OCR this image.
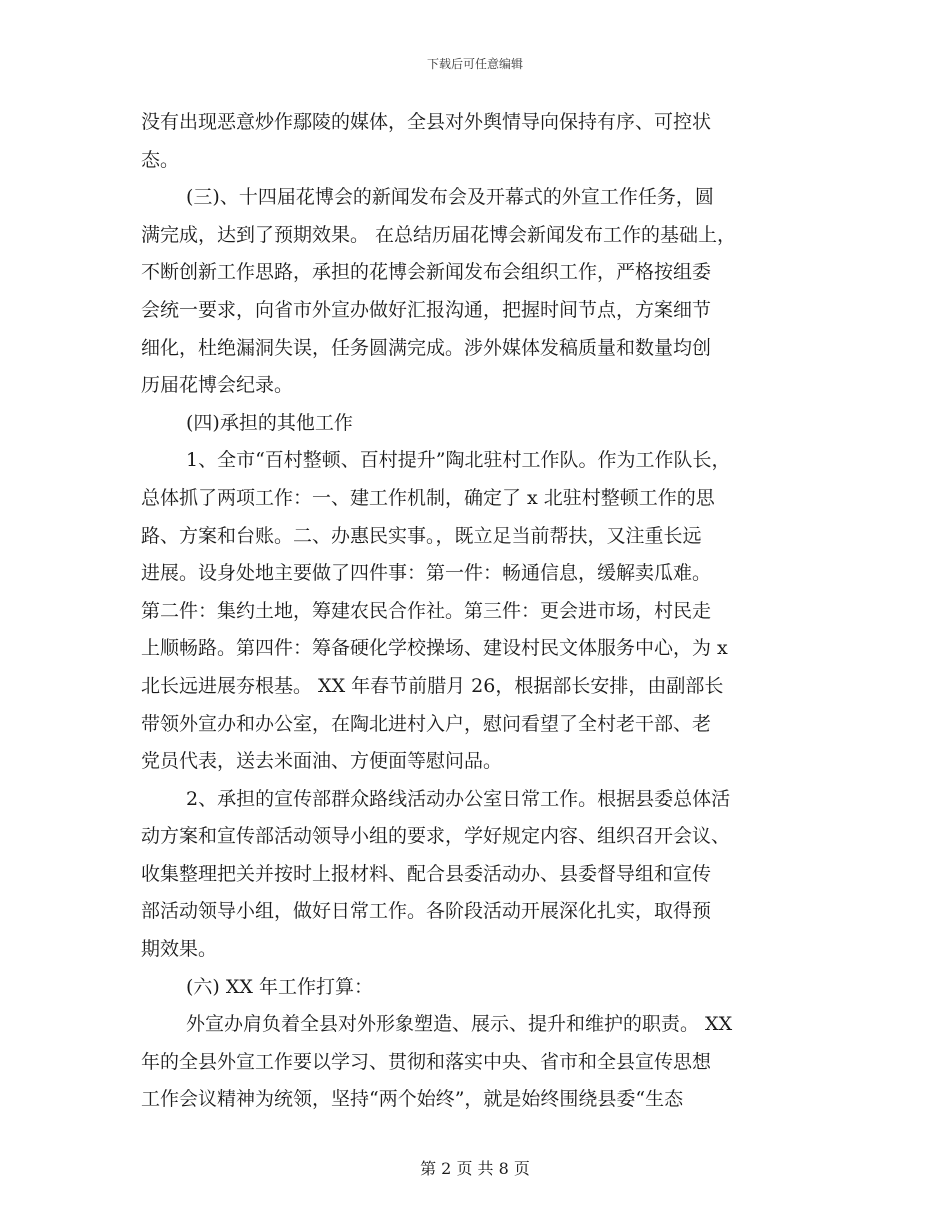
下载后可任意编辑
没有出现恶意炒作鄢陵的媒体，全县对外舆情导向保持有序、可控状
态。
(三)、十四届花博会的新闻发布会及开幕式的外宣工作任务，圆
满完成，达到了预期效果。 在总结历届花博会新闻发布工作的基础上，
不断创新工作思路，承担的花博会新闻发布会组织工作，严格按组委
会统一要求，向省市外宣办做好汇报沟通，把握时间节点，方案细节
细化，杜绝漏洞失误，任务圆满完成。涉外媒体发稿质量和数量均创
历届花博会纪录。
(四)承担的其他工作
1、全市“百村整顿、百村提升”陶北驻村工作队。作为工作队长，
总体抓了两项工作：一、建工作机制，确定了 x 北驻村整顿工作的思
路、方案和台账。二、办惠民实事。，既立足当前帮扶，又注重长远
进展。设身处地主要做了四件事：第一件：畅通信息，缓解卖瓜难。
第二件：集约土地，筹建农民合作社。第三件：更会进市场，村民走
上顺畅路。第四件：筹备硬化学校操场、建设村民文体服务中心，为 x
北长远进展夯根基。 XX 年春节前腊月 26，根据部长安排，由副部长
带领外宣办和办公室，在陶北进村入户，慰问看望了全村老干部、老
党员代表，送去米面油、方便面等慰问品。
2、承担的宣传部群众路线活动办公室日常工作。根据县委总体活
动方案和宣传部活动领导小组的要求，学好规定内容、组织召开会议、
收集整理把关并按时上报材料、配合县委活动办、县委督导组和宣传
部活动领导小组，做好日常工作。各阶段活动开展深化扎实，取得预
期效果。
(六) XX 年工作打算：
外宣办肩负着全县对外形象塑造、展示、提升和维护的职责。 XX
年的全县外宣工作要以学习、贯彻和落实中央、省市和全县宣传思想
工作会议精神为统领，坚持“两个始终”，就是始终围绕县委“生态
第 2 页 共 8 页
